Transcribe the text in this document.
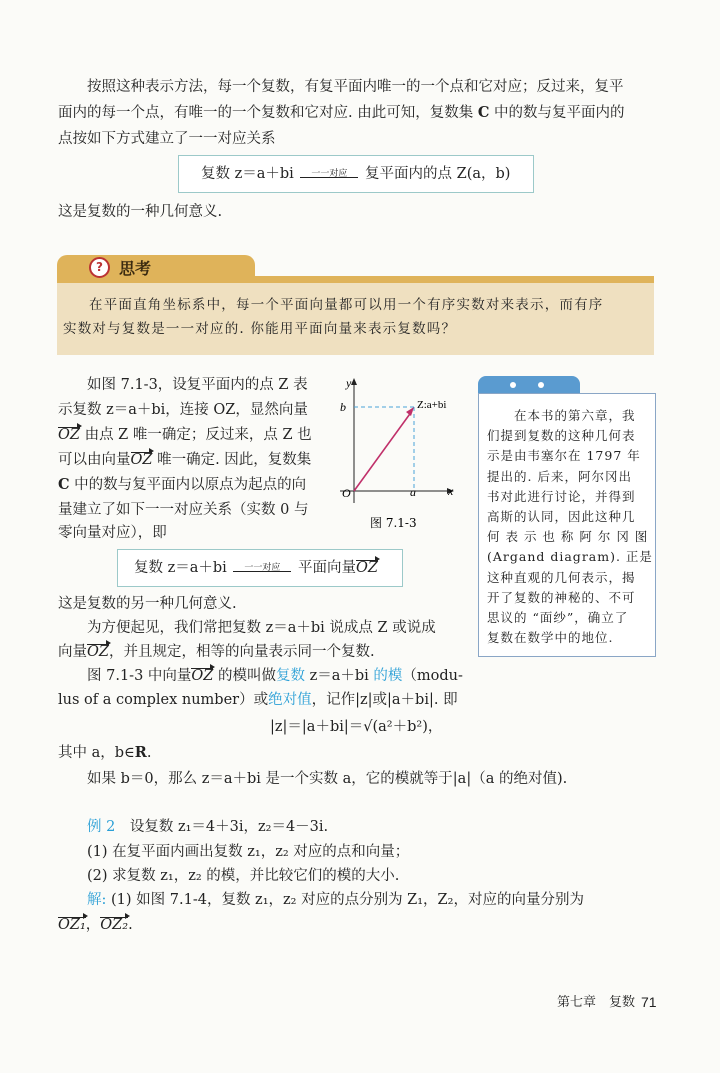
复数 z＝a＋bi 一一对应 复平面内的点 Z(a，b)
这是复数的一种几何意义.
?	思考
在平面直角坐标系中，每一个平面向量都可以用一个有序实数对来表示，而有序
实数对与复数是一一对应的. 你能用平面向量来表示复数吗？
y
x
b
a
O
Z:a+bi
图 7.1-3
复数 z＝a＋bi 一一对应 平面向量OZ
　　在本书的第六章，我
们提到复数的这种几何表
示是由韦塞尔在 1797 年
提出的. 后来，阿尔冈出
书对此进行讨论，并得到
高斯的认同，因此这种几
何 表 示 也 称 阿 尔 冈 图
(Argand diagram). 正是
这种直观的几何表示，揭
开了复数的神秘的、不可
思议的 “面纱”，确立了
复数在数学中的地位.
按照这种表示方法，每一个复数，有复平面内唯一的一个点和它对应；反过来，复平
面内的每一个点，有唯一的一个复数和它对应. 由此可知，复数集 C 中的数与复平面内的
点按如下方式建立了一一对应关系
如图 7.1-3，设复平面内的点 Z 表
示复数 z＝a＋bi，连接 OZ，显然向量
OZ 由点 Z 唯一确定；反过来，点 Z 也
可以由向量OZ 唯一确定. 因此，复数集
C 中的数与复平面内以原点为起点的向
量建立了如下一一对应关系（实数 0 与
零向量对应），即
这是复数的另一种几何意义.
为方便起见，我们常把复数 z＝a＋bi 说成点 Z 或说成
向量OZ，并且规定，相等的向量表示同一个复数.
图 7.1-3 中向量OZ 的模叫做复数 z＝a＋bi 的模（modu-
lus of a complex number）或绝对值，记作|z|或|a＋bi|. 即
|z|＝|a＋bi|＝√(a²＋b²)，
其中 a，b∈R.
如果 b＝0，那么 z＝a＋bi 是一个实数 a，它的模就等于|a|（a 的绝对值).
例 2　设复数 z₁＝4＋3i，z₂＝4－3i.
(1) 在复平面内画出复数 z₁，z₂ 对应的点和向量；
(2) 求复数 z₁，z₂ 的模，并比较它们的模的大小.
解: (1) 如图 7.1-4，复数 z₁，z₂ 对应的点分别为 Z₁，Z₂，对应的向量分别为
OZ₁，OZ₂.
第七章　复数 71
